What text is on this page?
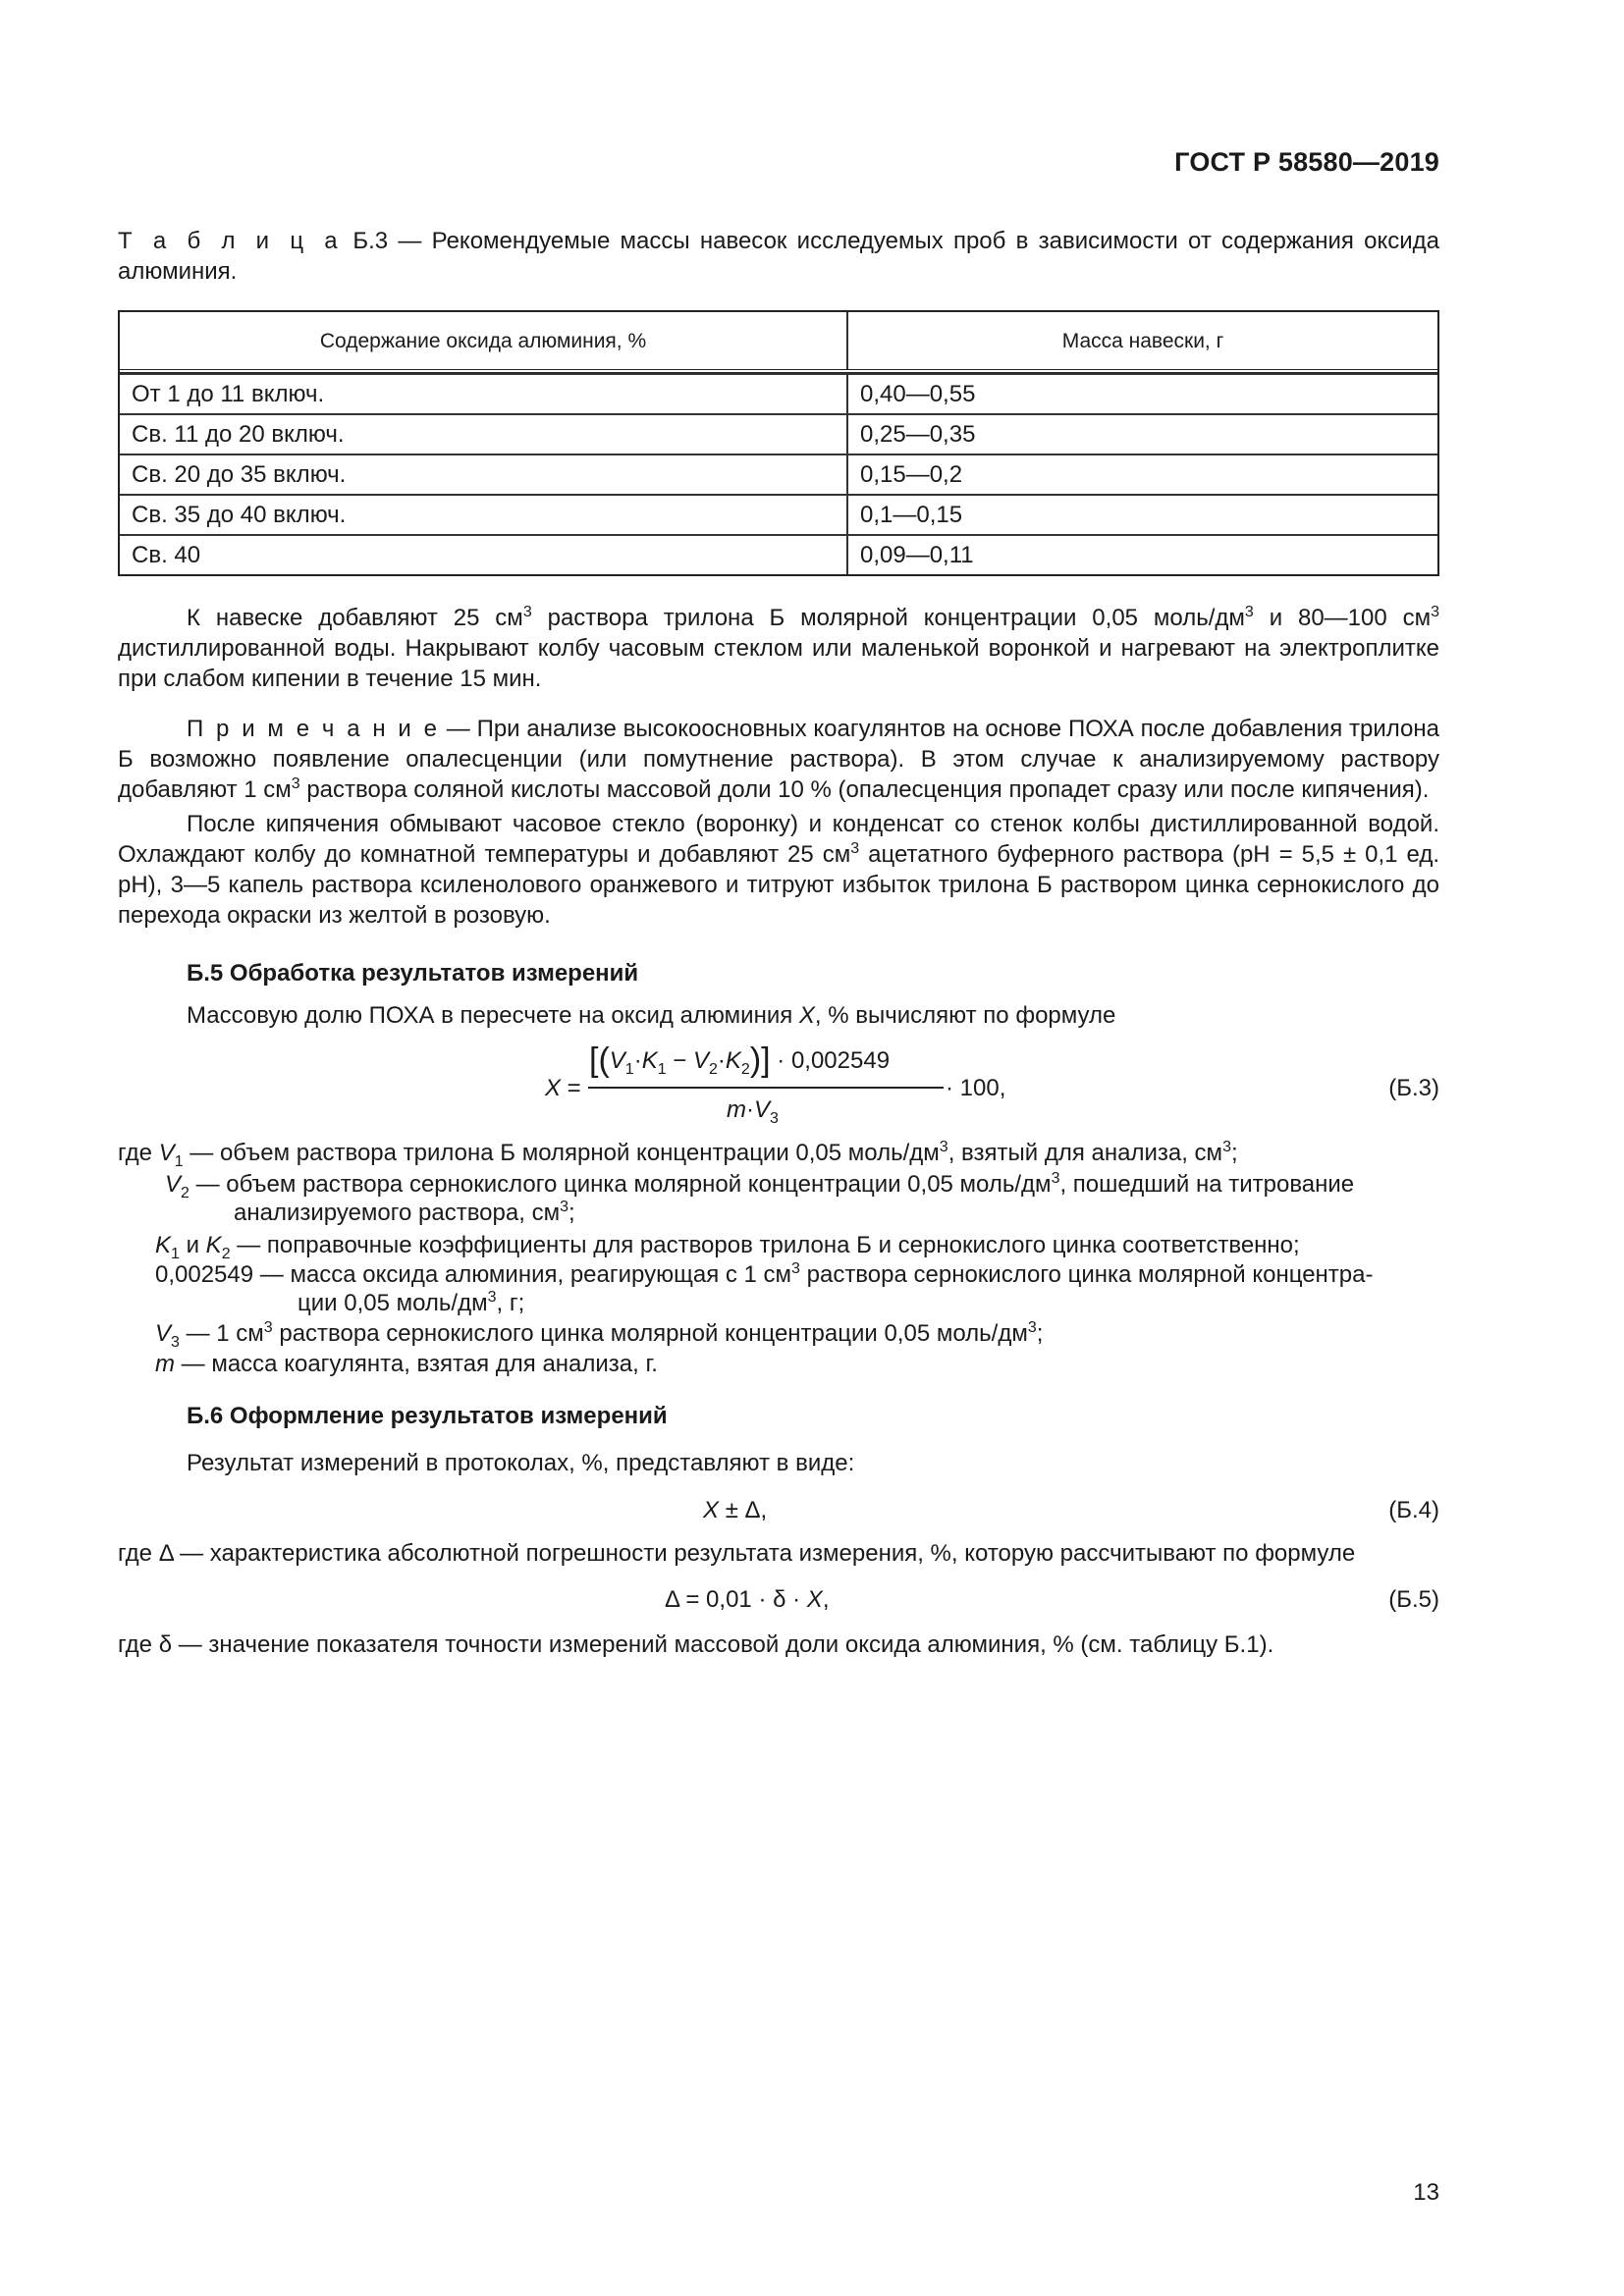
ГОСТ Р 58580—2019
Т а б л и ц а Б.3 — Рекомендуемые массы навесок исследуемых проб в зависимости от содержания оксида алюминия.
Содержание оксида алюминия, %	Масса навески, г
От 1 до 11 включ.	0,40—0,55
Св. 11 до 20 включ.	0,25—0,35
Св. 20 до 35 включ.	0,15—0,2
Св. 35 до 40 включ.	0,1—0,15
Св. 40	0,09—0,11
К навеске добавляют 25 $см^3$ раствора трилона Б молярной концентрации 0,05 моль/$дм^3$ и 80—100 $см^3$ дистиллированной воды. Накрывают колбу часовым стеклом или маленькой воронкой и нагревают на электроплитке при слабом кипении в течение 15 мин.
П р и м е ч а н и е — При анализе высокоосновных коагулянтов на основе ПОХА после добавления трилона Б возможно появление опалесценции (или помутнение раствора). В этом случае к анализируемому раствору добавляют 1 $см^3$ раствора соляной кислоты массовой доли 10 % (опалесценция пропадет сразу или после кипячения).
После кипячения обмывают часовое стекло (воронку) и конденсат со стенок колбы дистиллированной водой. Охлаждают колбу до комнатной температуры и добавляют 25 $см^3$ ацетатного буферного раствора (pH = 5,5 ± 0,1 ед. pH), 3—5 капель раствора ксиленолового оранжевого и титруют избыток трилона Б раствором цинка сернокислого до перехода окраски из желтой в розовую.
Б.5 Обработка результатов измерений
Массовую долю ПОХА в пересчете на оксид алюминия X, % вычисляют по формуле
X =
$[(V_1\cdot K_1 - V_2\cdot K_2)] \cdot 0,002549$
$m\cdot V_3$
· 100,	(Б.3)
где $V_1$ — объем раствора трилона Б молярной концентрации 0,05 моль/$дм^3$, взятый для анализа, $см^3$;
$V_2$ — объем раствора сернокислого цинка молярной концентрации 0,05 моль/$дм^3$, пошедший на титрование
анализируемого раствора, $см^3$;
$K_1$ и $K_2$ — поправочные коэффициенты для растворов трилона Б и сернокислого цинка соответственно;
0,002549 — масса оксида алюминия, реагирующая с 1 $см^3$ раствора сернокислого цинка молярной концентра-
ции 0,05 моль/$дм^3$, г;
$V_3$ — 1 $см^3$ раствора сернокислого цинка молярной концентрации 0,05 моль/$дм^3$;
m — масса коагулянта, взятая для анализа, г.
Б.6 Оформление результатов измерений
Результат измерений в протоколах, %, представляют в виде:
X ± Δ,	(Б.4)
где Δ — характеристика абсолютной погрешности результата измерения, %, которую рассчитывают по формуле
Δ = 0,01 · δ · X,	(Б.5)
где δ — значение показателя точности измерений массовой доли оксида алюминия, % (см. таблицу Б.1).
13
